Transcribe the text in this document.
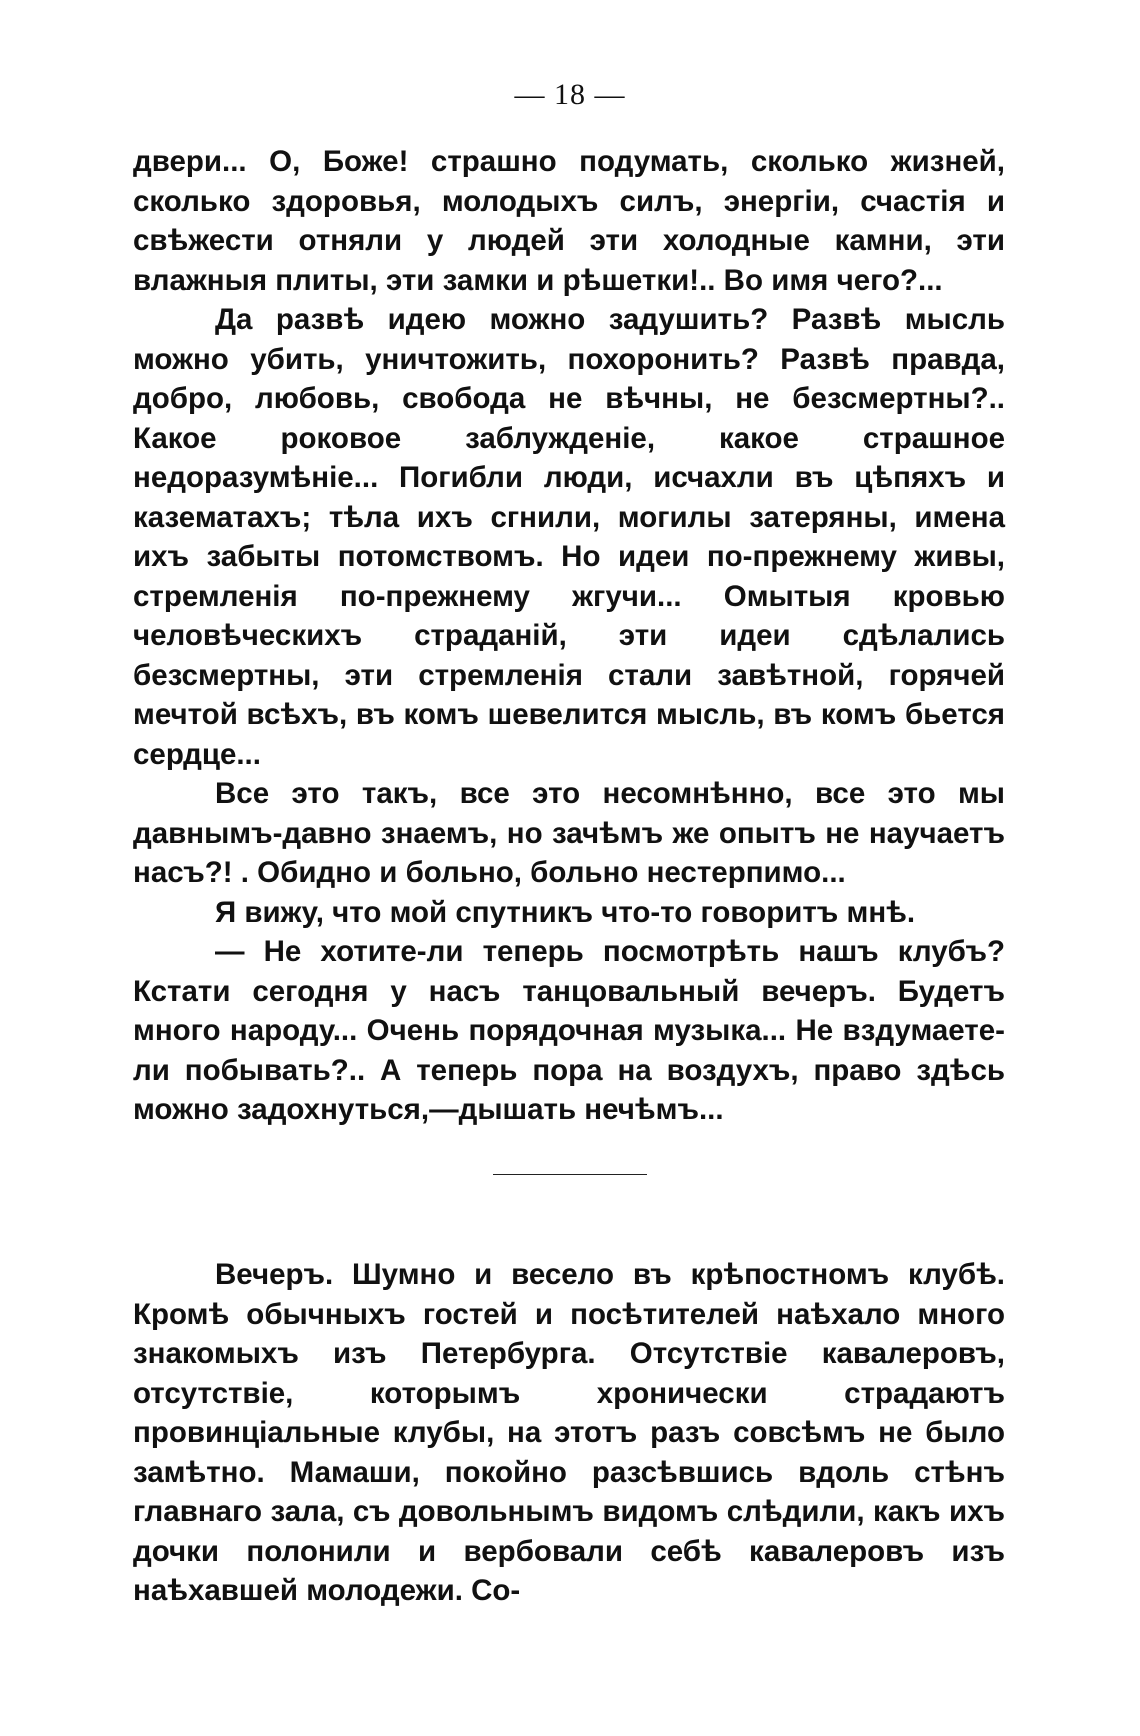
— 18 —

двери... О, Боже! страшно подумать, сколько жизней, сколько здоровья, молодыхъ силъ, энергіи, счастія и свѣжести отняли у людей эти холодные камни, эти влажныя плиты, эти замки и рѣшетки!.. Во имя чего?...

Да развѣ идею можно задушить? Развѣ мысль можно убить, уничтожить, похоронить? Развѣ правда, добро, любовь, свобода не вѣчны, не безсмертны?.. Какое роковое заблужденіе, какое страшное недоразумѣніе... Погибли люди, исчахли въ цѣпяхъ и казематахъ; тѣла ихъ сгнили, могилы затеряны, имена ихъ забыты потомствомъ. Но идеи по-прежнему живы, стремленія по-прежнему жгучи... Омытыя кровью человѣческихъ страданій, эти идеи сдѣлались безсмертны, эти стремленія стали завѣтной, горячей мечтой всѣхъ, въ комъ шевелится мысль, въ комъ бьется сердце...

Все это такъ, все это несомнѣнно, все это мы давнымъ-давно знаемъ, но зачѣмъ же опытъ не научаетъ насъ?! . Обидно и больно, больно нестерпимо...

Я вижу, что мой спутникъ что-то говоритъ мнѣ.

— Не хотите-ли теперь посмотрѣть нашъ клубъ? Кстати сегодня у насъ танцовальный вечеръ. Будетъ много народу... Очень порядочная музыка... Не вздумаете-ли побывать?.. А теперь пора на воздухъ, право здѣсь можно задохнуться,—дышать нечѣмъ...

Вечеръ. Шумно и весело въ крѣпостномъ клубѣ. Кромѣ обычныхъ гостей и посѣтителей наѣхало много знакомыхъ изъ Петербурга. Отсутствіе кавалеровъ, отсутствіе, которымъ хронически страдаютъ провинціальные клубы, на этотъ разъ совсѣмъ не было замѣтно. Мамаши, покойно разсѣвшись вдоль стѣнъ главнаго зала, съ довольнымъ видомъ слѣдили, какъ ихъ дочки полонили и вербовали себѣ кавалеровъ изъ наѣхавшей молодежи. Со-
